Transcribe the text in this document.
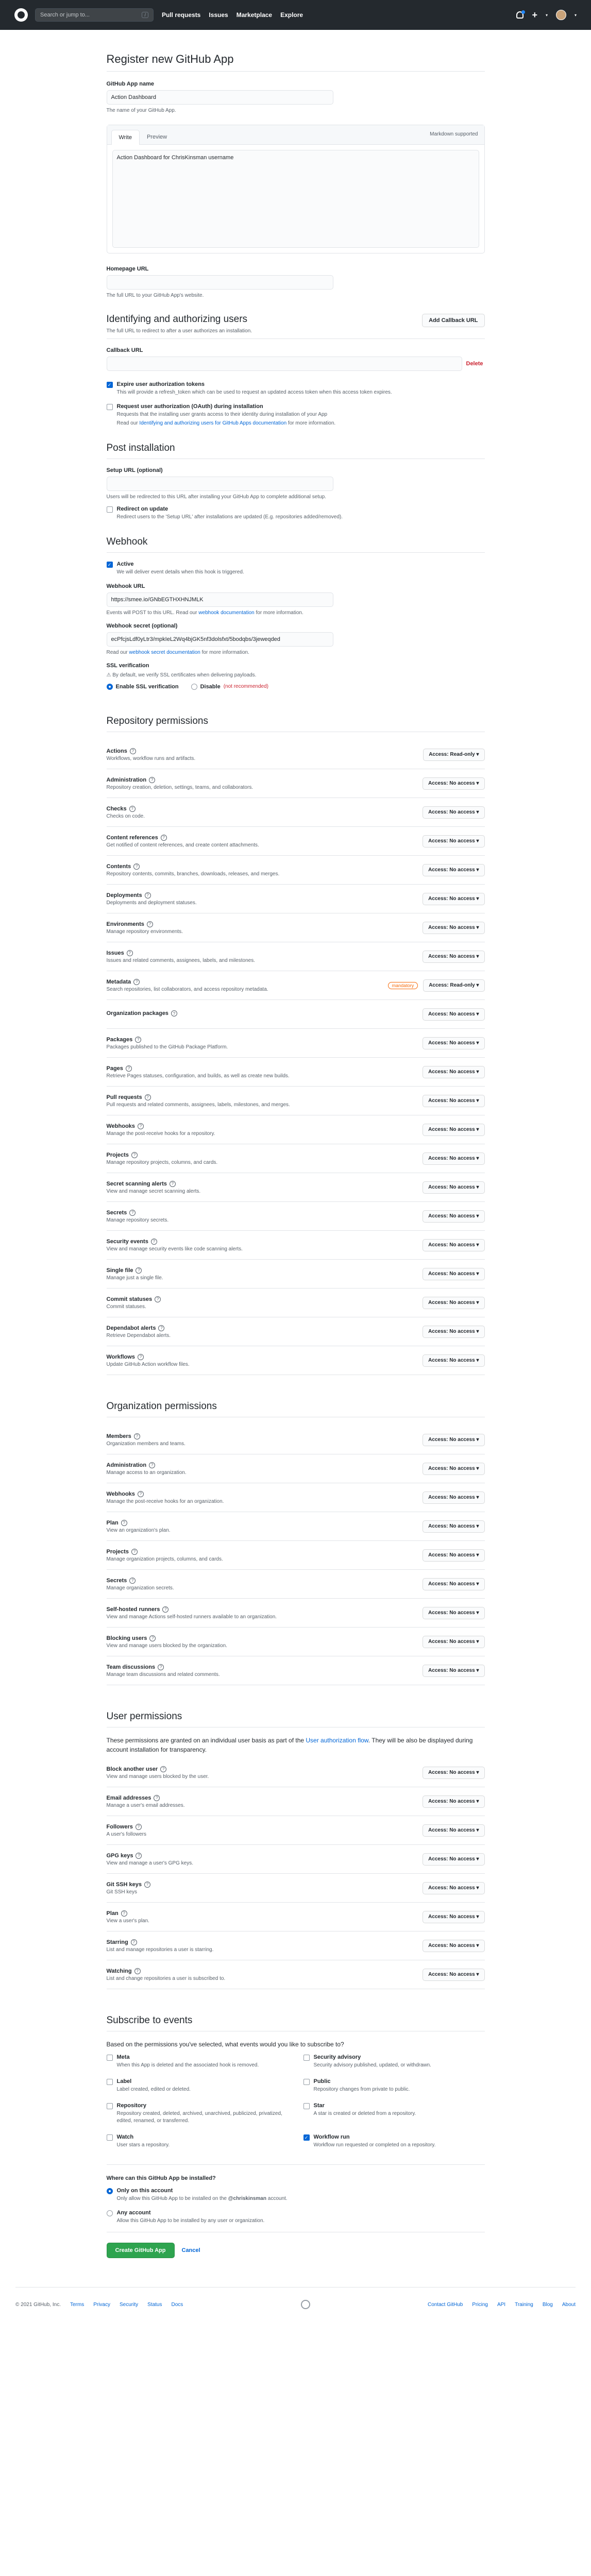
Search or jump to...	/	Pull requests Issues Marketplace Explore	+ ▾	▾
Register new GitHub App
GitHub App name
Action Dashboard
The name of your GitHub App.
Write	Preview	Markdown supported
Action Dashboard for ChrisKinsman username
Homepage URL
The full URL to your GitHub App's website.
Identifying and authorizing users
The full URL to redirect to after a user authorizes an installation.
Add Callback URL
Callback URL
Delete
✓ Expire user authorization tokens
This will provide a refresh_token which can be used to request an updated access token when this access token expires.
Request user authorization (OAuth) during installation
Requests that the installing user grants access to their identity during installation of your App
Read our Identifying and authorizing users for GitHub Apps documentation for more information.
Post installation
Setup URL (optional)
Users will be redirected to this URL after installing your GitHub App to complete additional setup.
Redirect on update
Redirect users to the 'Setup URL' after installations are updated (E.g. repositories added/removed).
Webhook
✓ Active
We will deliver event details when this hook is triggered.
Webhook URL
https://smee.io/GNbEGTHXHNJMLK
Events will POST to this URL. Read our webhook documentation for more information.
Webhook secret (optional)
ecPfcjsLdf0yLtr3/mpkIeL2Wq4bjGK5nf3dolsfxt/5bodqbs/3jeweqded
Read our webhook secret documentation for more information.
SSL verification
⚠ By default, we verify SSL certificates when delivering payloads.
Enable SSL verification	Disable (not recommended)
Repository permissions
Actions	?
Workflows, workflow runs and artifacts.
Access: Read-only
▾
Administration	?
Repository creation, deletion, settings, teams, and collaborators.
Access: No access
▾
Checks	?
Checks on code.
Access: No access
▾
Content references	?
Get notified of content references, and create content attachments.
Access: No access
▾
Contents	?
Repository contents, commits, branches, downloads, releases, and merges.
Access: No access
▾
Deployments	?
Deployments and deployment statuses.
Access: No access
▾
Environments	?
Manage repository environments.
Access: No access
▾
Issues	?
Issues and related comments, assignees, labels, and milestones.
Access: No access
▾
Metadata	?
Search repositories, list collaborators, and access repository metadata.
mandatory	Access: Read-only
▾
Organization packages	?	Access: No access
▾
Packages	?
Packages published to the GitHub Package Platform.
Access: No access
▾
Pages	?
Retrieve Pages statuses, configuration, and builds, as well as create new builds.
Access: No access
▾
Pull requests	?
Pull requests and related comments, assignees, labels, milestones, and merges.
Access: No access
▾
Webhooks	?
Manage the post-receive hooks for a repository.
Access: No access
▾
Projects	?
Manage repository projects, columns, and cards.
Access: No access
▾
Secret scanning alerts	?
View and manage secret scanning alerts.
Access: No access
▾
Secrets	?
Manage repository secrets.
Access: No access
▾
Security events	?
View and manage security events like code scanning alerts.
Access: No access
▾
Single file	?
Manage just a single file.
Access: No access
▾
Commit statuses	?
Commit statuses.
Access: No access
▾
Dependabot alerts	?
Retrieve Dependabot alerts.
Access: No access
▾
Workflows	?
Update GitHub Action workflow files.
Access: No access
▾
Organization permissions
Members	?
Organization members and teams.
Access: No access
▾
Administration	?
Manage access to an organization.
Access: No access
▾
Webhooks	?
Manage the post-receive hooks for an organization.
Access: No access
▾
Plan	?
View an organization's plan.
Access: No access
▾
Projects	?
Manage organization projects, columns, and cards.
Access: No access
▾
Secrets	?
Manage organization secrets.
Access: No access
▾
Self-hosted runners	?
View and manage Actions self-hosted runners available to an organization.
Access: No access
▾
Blocking users	?
View and manage users blocked by the organization.
Access: No access
▾
Team discussions	?
Manage team discussions and related comments.
Access: No access
▾
User permissions
These permissions are granted on an individual user basis as part of the User authorization flow. They will be also be displayed during account installation for transparency.
Block another user	?
View and manage users blocked by the user.
Access: No access
▾
Email addresses	?
Manage a user's email addresses.
Access: No access
▾
Followers	?
A user's followers
Access: No access
▾
GPG keys	?
View and manage a user's GPG keys.
Access: No access
▾
Git SSH keys	?
Git SSH keys
Access: No access
▾
Plan	?
View a user's plan.
Access: No access
▾
Starring	?
List and manage repositories a user is starring.
Access: No access
▾
Watching	?
List and change repositories a user is subscribed to.
Access: No access
▾
Subscribe to events
Based on the permissions you've selected, what events would you like to subscribe to?
Meta
When this App is deleted and the associated hook is removed.
Security advisory
Security advisory published, updated, or withdrawn.
Label
Label created, edited or deleted.
Public
Repository changes from private to public.
Repository
Repository created, deleted, archived, unarchived, publicized, privatized, edited, renamed, or transferred.
Star
A star is created or deleted from a repository.
Watch
User stars a repository.
✓ Workflow run
Workflow run requested or completed on a repository.
Where can this GitHub App be installed?
Only on this account
Only allow this GitHub App to be installed on the @chriskinsman account.
Any account
Allow this GitHub App to be installed by any user or organization.
Create GitHub App	Cancel
© 2021 GitHub, Inc. Terms Privacy Security Status Docs	Contact GitHub Pricing API Training Blog About
